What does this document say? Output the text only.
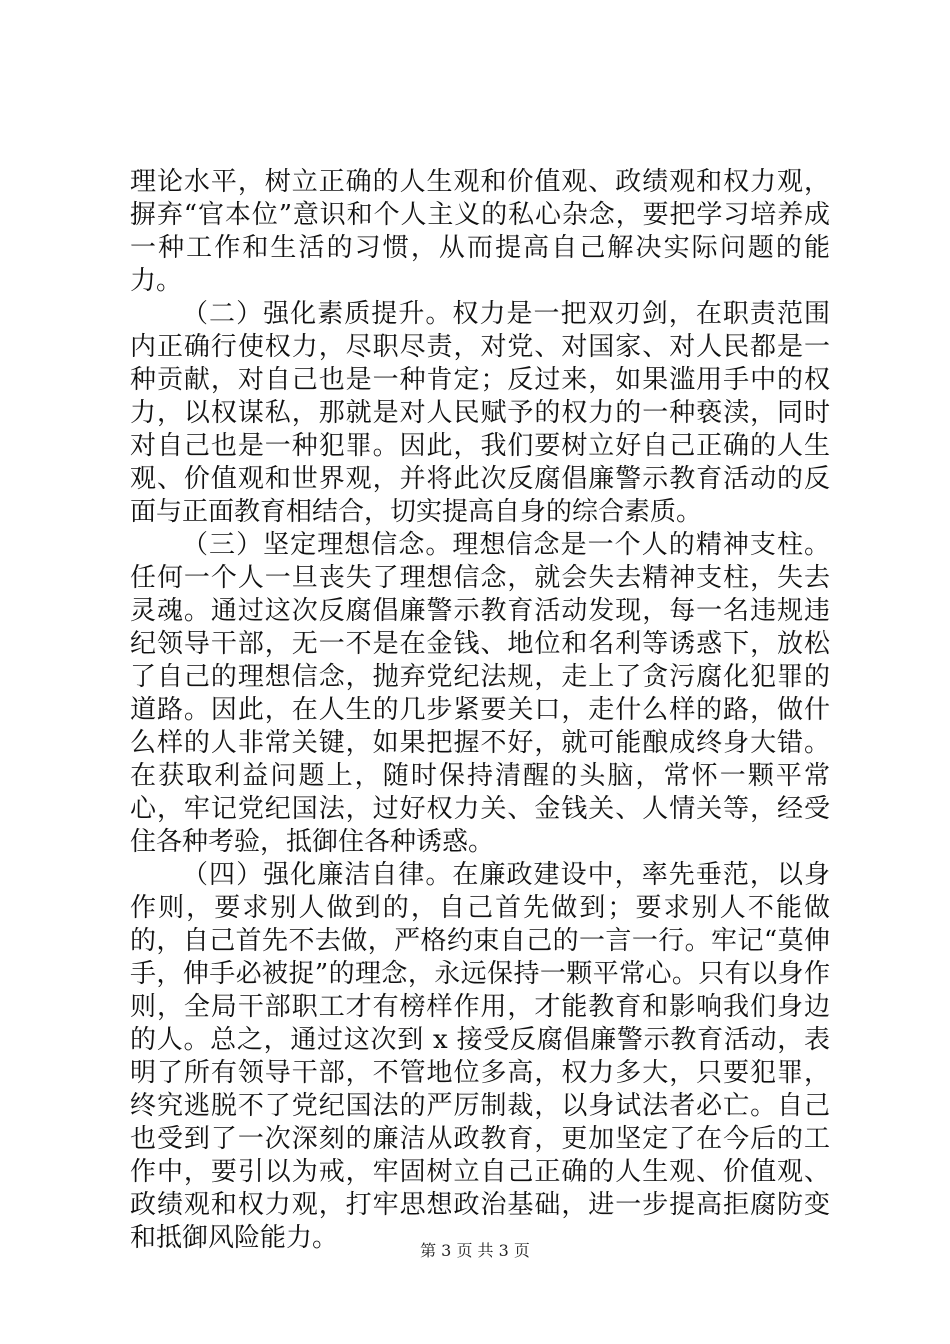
理论水平，树立正确的人生观和价值观、政绩观和权力观，摒弃“官本位”意识和个人主义的私心杂念，要把学习培养成一种工作和生活的习惯，从而提高自己解决实际问题的能力。

（二）强化素质提升。权力是一把双刃剑，在职责范围内正确行使权力，尽职尽责，对党、对国家、对人民都是一种贡献，对自己也是一种肯定；反过来，如果滥用手中的权力，以权谋私，那就是对人民赋予的权力的一种亵渎，同时对自己也是一种犯罪。因此，我们要树立好自己正确的人生观、价值观和世界观，并将此次反腐倡廉警示教育活动的反面与正面教育相结合，切实提高自身的综合素质。

（三）坚定理想信念。理想信念是一个人的精神支柱。任何一个人一旦丧失了理想信念，就会失去精神支柱，失去灵魂。通过这次反腐倡廉警示教育活动发现，每一名违规违纪领导干部，无一不是在金钱、地位和名利等诱惑下，放松了自己的理想信念，抛弃党纪法规，走上了贪污腐化犯罪的道路。因此，在人生的几步紧要关口，走什么样的路，做什么样的人非常关键，如果把握不好，就可能酿成终身大错。在获取利益问题上，随时保持清醒的头脑，常怀一颗平常心，牢记党纪国法，过好权力关、金钱关、人情关等，经受住各种考验，抵御住各种诱惑。

（四）强化廉洁自律。在廉政建设中，率先垂范，以身作则，要求别人做到的，自己首先做到；要求别人不能做的，自己首先不去做，严格约束自己的一言一行。牢记“莫伸手，伸手必被捉”的理念，永远保持一颗平常心。只有以身作则，全局干部职工才有榜样作用，才能教育和影响我们身边的人。总之，通过这次到 x 接受反腐倡廉警示教育活动，表明了所有领导干部，不管地位多高，权力多大，只要犯罪，终究逃脱不了党纪国法的严厉制裁，以身试法者必亡。自己也受到了一次深刻的廉洁从政教育，更加坚定了在今后的工作中，要引以为戒，牢固树立自己正确的人生观、价值观、政绩观和权力观，打牢思想政治基础，进一步提高拒腐防变和抵御风险能力。	第 3 页 共 3 页
